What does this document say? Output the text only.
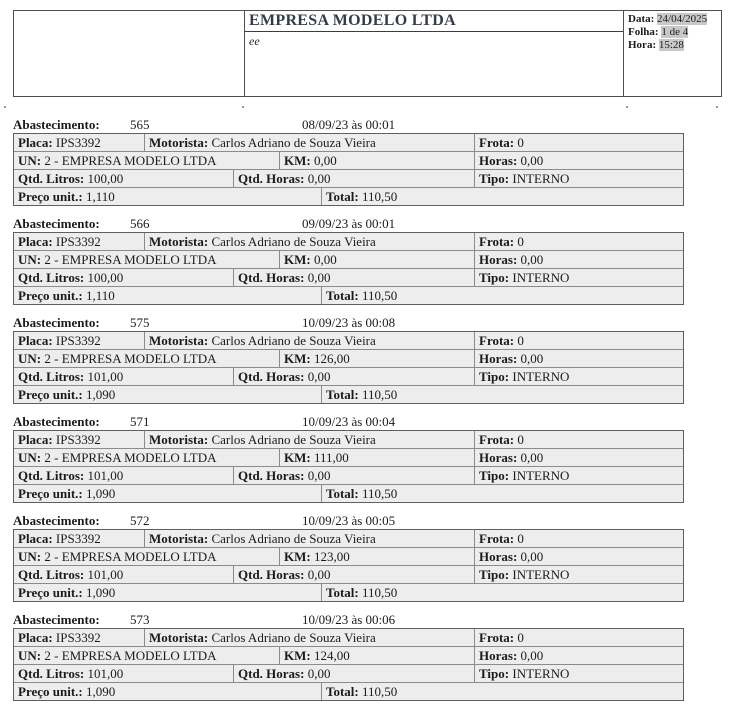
EMPRESA MODELO LTDA
ee
Data: 24/04/2025
Folha: 1 de 4
Hora: 15:28
Abastecimento: 565	08/09/23 às 00:01
Placa: IPS3392	Motorista: Carlos Adriano de Souza Vieira	Frota: 0
UN: 2 - EMPRESA MODELO LTDA	KM: 0,00	Horas: 0,00
Qtd. Litros: 100,00	Qtd. Horas: 0,00	Tipo: INTERNO
Preço unit.: 1,110	Total: 110,50
Abastecimento: 566	09/09/23 às 00:01
Placa: IPS3392	Motorista: Carlos Adriano de Souza Vieira	Frota: 0
UN: 2 - EMPRESA MODELO LTDA	KM: 0,00	Horas: 0,00
Qtd. Litros: 100,00	Qtd. Horas: 0,00	Tipo: INTERNO
Preço unit.: 1,110	Total: 110,50
Abastecimento: 575	10/09/23 às 00:08
Placa: IPS3392	Motorista: Carlos Adriano de Souza Vieira	Frota: 0
UN: 2 - EMPRESA MODELO LTDA	KM: 126,00	Horas: 0,00
Qtd. Litros: 101,00	Qtd. Horas: 0,00	Tipo: INTERNO
Preço unit.: 1,090	Total: 110,50
Abastecimento: 571	10/09/23 às 00:04
Placa: IPS3392	Motorista: Carlos Adriano de Souza Vieira	Frota: 0
UN: 2 - EMPRESA MODELO LTDA	KM: 111,00	Horas: 0,00
Qtd. Litros: 101,00	Qtd. Horas: 0,00	Tipo: INTERNO
Preço unit.: 1,090	Total: 110,50
Abastecimento: 572	10/09/23 às 00:05
Placa: IPS3392	Motorista: Carlos Adriano de Souza Vieira	Frota: 0
UN: 2 - EMPRESA MODELO LTDA	KM: 123,00	Horas: 0,00
Qtd. Litros: 101,00	Qtd. Horas: 0,00	Tipo: INTERNO
Preço unit.: 1,090	Total: 110,50
Abastecimento: 573	10/09/23 às 00:06
Placa: IPS3392	Motorista: Carlos Adriano de Souza Vieira	Frota: 0
UN: 2 - EMPRESA MODELO LTDA	KM: 124,00	Horas: 0,00
Qtd. Litros: 101,00	Qtd. Horas: 0,00	Tipo: INTERNO
Preço unit.: 1,090	Total: 110,50
